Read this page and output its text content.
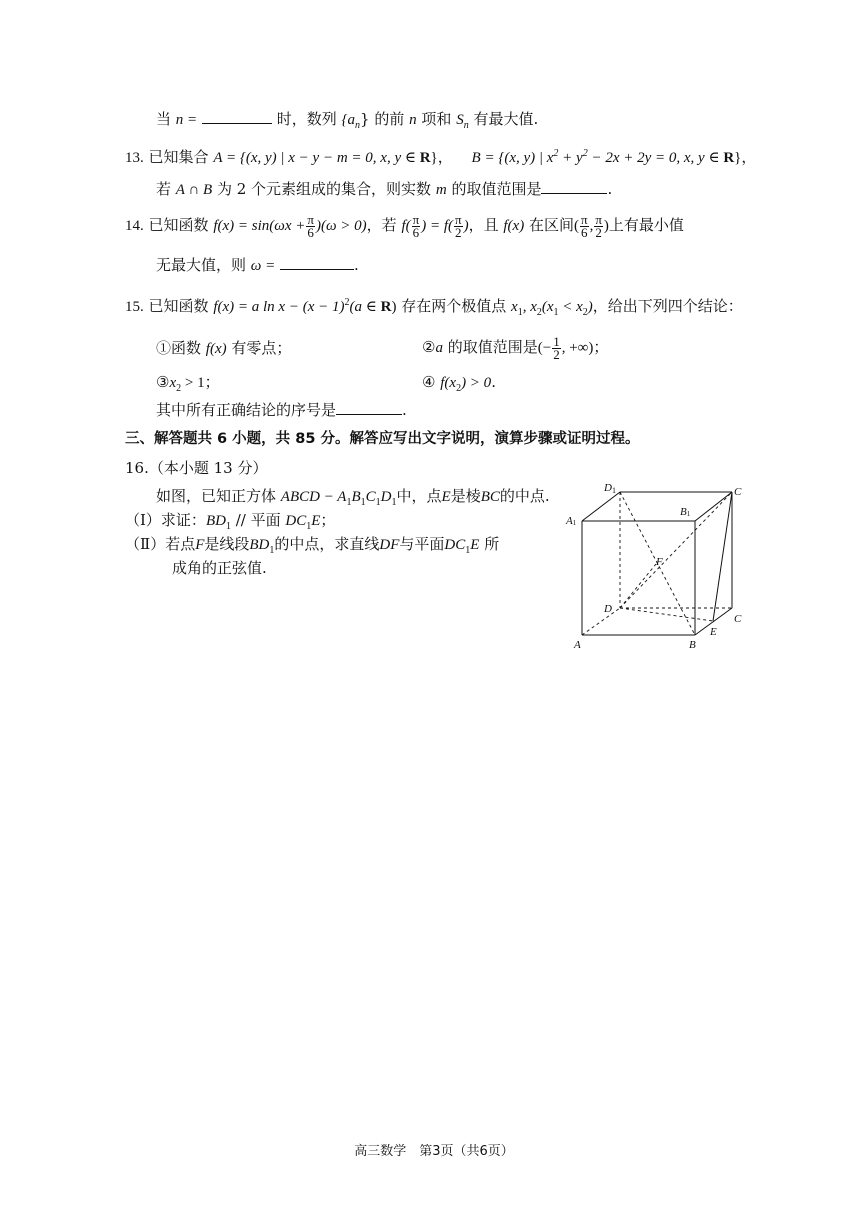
当 n =	时，数列 $\{a_n\}$ 的前 n 项和 $S_n$ 有最大值.
13. 已知集合 A = {(x, y) | x − y − m = 0, x, y ∈ R}， B = {(x, y) | $x^2 + y^2 - 2x + 2y = 0$, x, y ∈ R}，
若 A ∩ B 为 2 个元素组成的集合，则实数 m 的取值范围是	.
14. 已知函数 $f(x) = \sin(\omega x + \frac{\pi}{6} )(\omega > 0)$，若 $f( \frac{\pi}{6}$ ) = $f( \frac{\pi}{2}$ )，且 f(x) 在区间( $\frac{\pi}{6}$ , $\frac{\pi}{2}$ )上有最小值
无最大值，则 ω =	.
15. 已知函数 f(x) = a $\ln x - (x - 1)^2(a$ ∈ R) 存在两个极值点 $x_1$, $x_2(x_1 < x_2)$，给出下列四个结论：
①函数 f(x) 有零点；	②a 的取值范围是(− $\frac{1}{2}$ , +∞)；
$③x_2 > 1$；	④ $f(x_2) > 0$.
其中所有正确结论的序号是	.
三、解答题共 6 小题，共 85 分。解答应写出文字说明，演算步骤或证明过程。
16.（本小题 13 分）
如图，已知正方体 ABCD − $A_1B_1C_1D_1$中，点E是棱BC的中点.
（Ⅰ）求证：$BD_1$ // 平面 $DC_1E$；
（Ⅱ）若点F是线段$BD_1$的中点，求直线DF与平面$DC_1E$ 所
成角的正弦值.
D1	C
A1
B1
F
D
C
A	B
E
高三数学　第3页（共6页）
